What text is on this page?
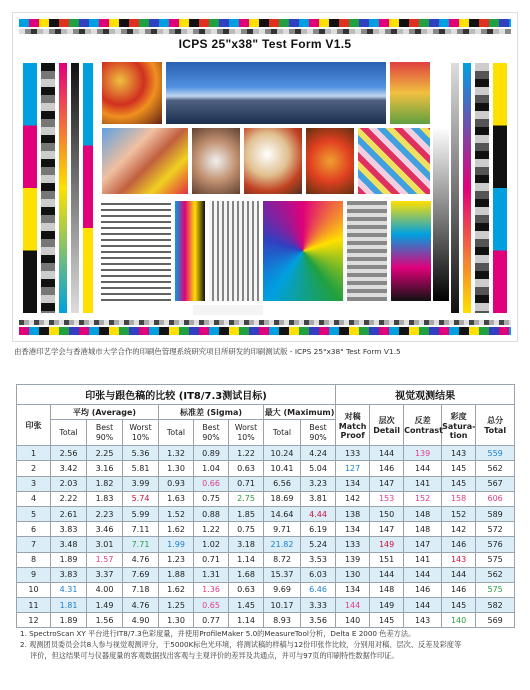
ICPS 25"x38" Test Form V1.5
由香港印艺学会与香港城市大学合作的印刷色管理系统研究项目所研发的印刷测试版 - ICPS 25"x38" Test Form V1.5
印张与跟色稿的比较 (IT8/7.3测试目标)									视觉观测结果				
印张	平均 (Average)			标准差 (Sigma)			最大 (Maximum)		对稿 Match Proof	层次 Detail	反差 Contrast	彩度 Satura- tion	总分 Total
	Total	Best 90%	Worst 10%	Total	Best 90%	Worst 10%	Total	Best 90%					
1	2.56	2.25	5.36	1.32	0.89	1.22	10.24	4.24	133	144	139	143	559
2	3.42	3.16	5.81	1.30	1.04	0.63	10.41	5.04	127	146	144	145	562
3	2.03	1.82	3.99	0.93	0.66	0.71	6.56	3.23	134	147	141	145	567
4	2.22	1.83	5.74	1.63	0.75	2.75	18.69	3.81	142	153	152	158	606
5	2.61	2.23	5.99	1.52	0.88	1.85	14.64	4.44	138	150	148	152	589
6	3.83	3.46	7.11	1.62	1.22	0.75	9.71	6.19	134	147	148	142	572
7	3.48	3.01	7.71	1.99	1.02	3.18	21.82	5.24	133	149	147	146	576
8	1.89	1.57	4.76	1.23	0.71	1.14	8.72	3.53	139	151	141	143	575
9	3.83	3.37	7.69	1.88	1.31	1.68	15.37	6.03	130	144	144	144	562
10	4.31	4.00	7.18	1.62	1.36	0.63	9.69	6.46	134	148	146	146	575
11	1.81	1.49	4.76	1.25	0.65	1.45	10.17	3.33	144	149	144	145	582
12	1.89	1.56	4.90	1.30	0.77	1.14	8.93	3.56	140	145	143	140	569

1. SpectroScan XY 平台进行IT8/7.3色彩度量，并使用ProfileMaker 5.0的MeasureTool分析，Delta E 2000 色差方法。

2. 观测团员委员会共8人参与视觉观测评分，于5000K标色光环境，将测试稿的样稿与12份印张作比较，分别用对稿、层次、反差及彩度等

评价，但这结果可与仪器度量的客观数据找出客观与主观评价的差异及共通点，并可与97页的印刷特性数据作印证。
